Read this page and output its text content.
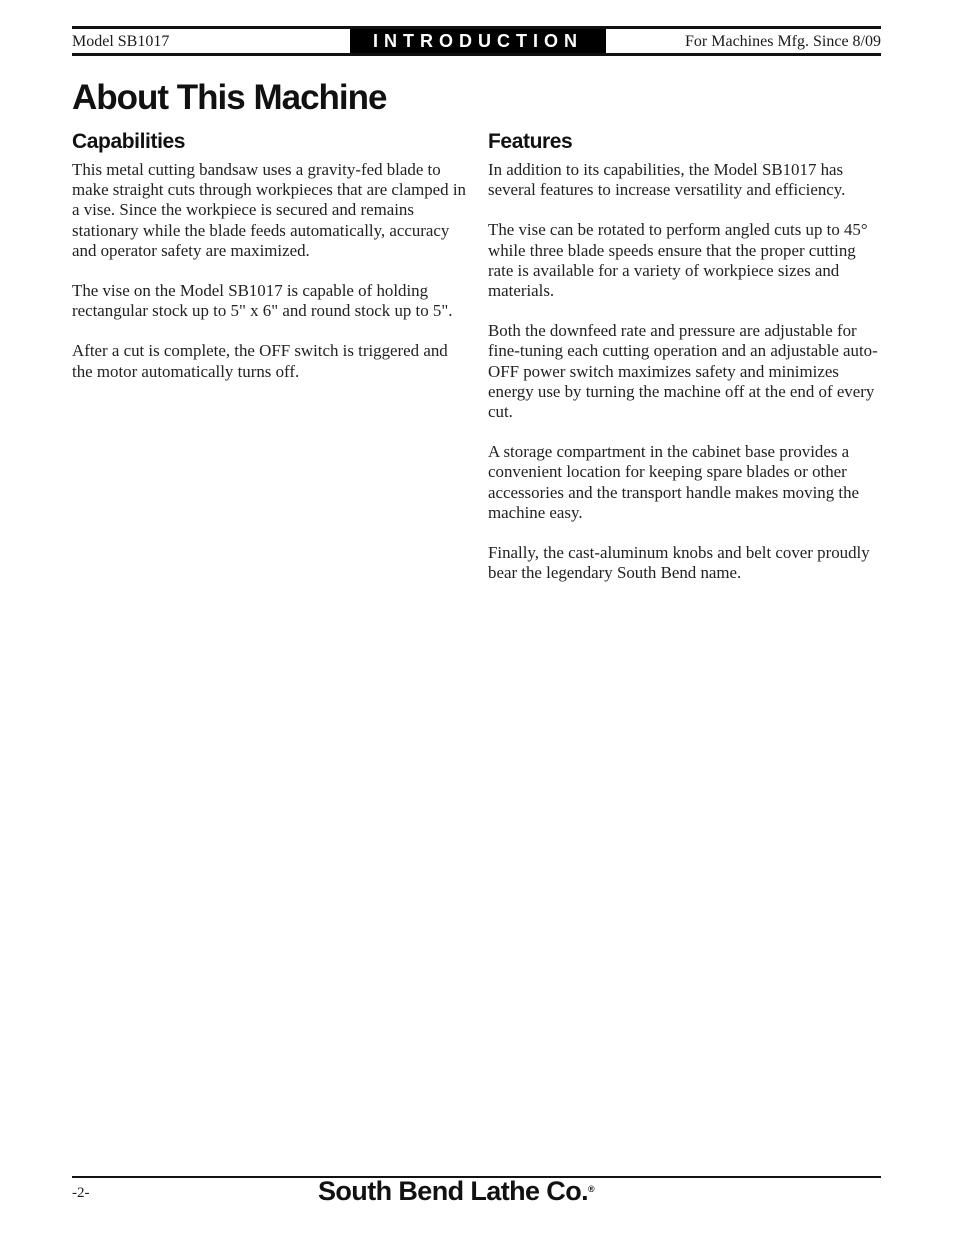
Model SB1017	INTRODUCTION	For Machines Mfg. Since 8/09
About This Machine
Capabilities

This metal cutting bandsaw uses a gravity-fed blade to make straight cuts through workpieces that are clamped in a vise. Since the workpiece is secured and remains stationary while the blade feeds automatically, accuracy and operator safety are maximized.

The vise on the Model SB1017 is capable of holding rectangular stock up to 5" x 6" and round stock up to 5".

After a cut is complete, the OFF switch is triggered and the motor automatically turns off.

Features

In addition to its capabilities, the Model SB1017 has several features to increase versatility and efficiency.

The vise can be rotated to perform angled cuts up to 45° while three blade speeds ensure that the proper cutting rate is available for a variety of workpiece sizes and materials.

Both the downfeed rate and pressure are adjustable for fine-tuning each cutting operation and an adjustable auto-OFF power switch maximizes safety and minimizes energy use by turning the machine off at the end of every cut.

A storage compartment in the cabinet base provides a convenient location for keeping spare blades or other accessories and the transport handle makes moving the machine easy.

Finally, the cast-aluminum knobs and belt cover proudly bear the legendary South Bend name.

-2-	South Bend Lathe Co.®
